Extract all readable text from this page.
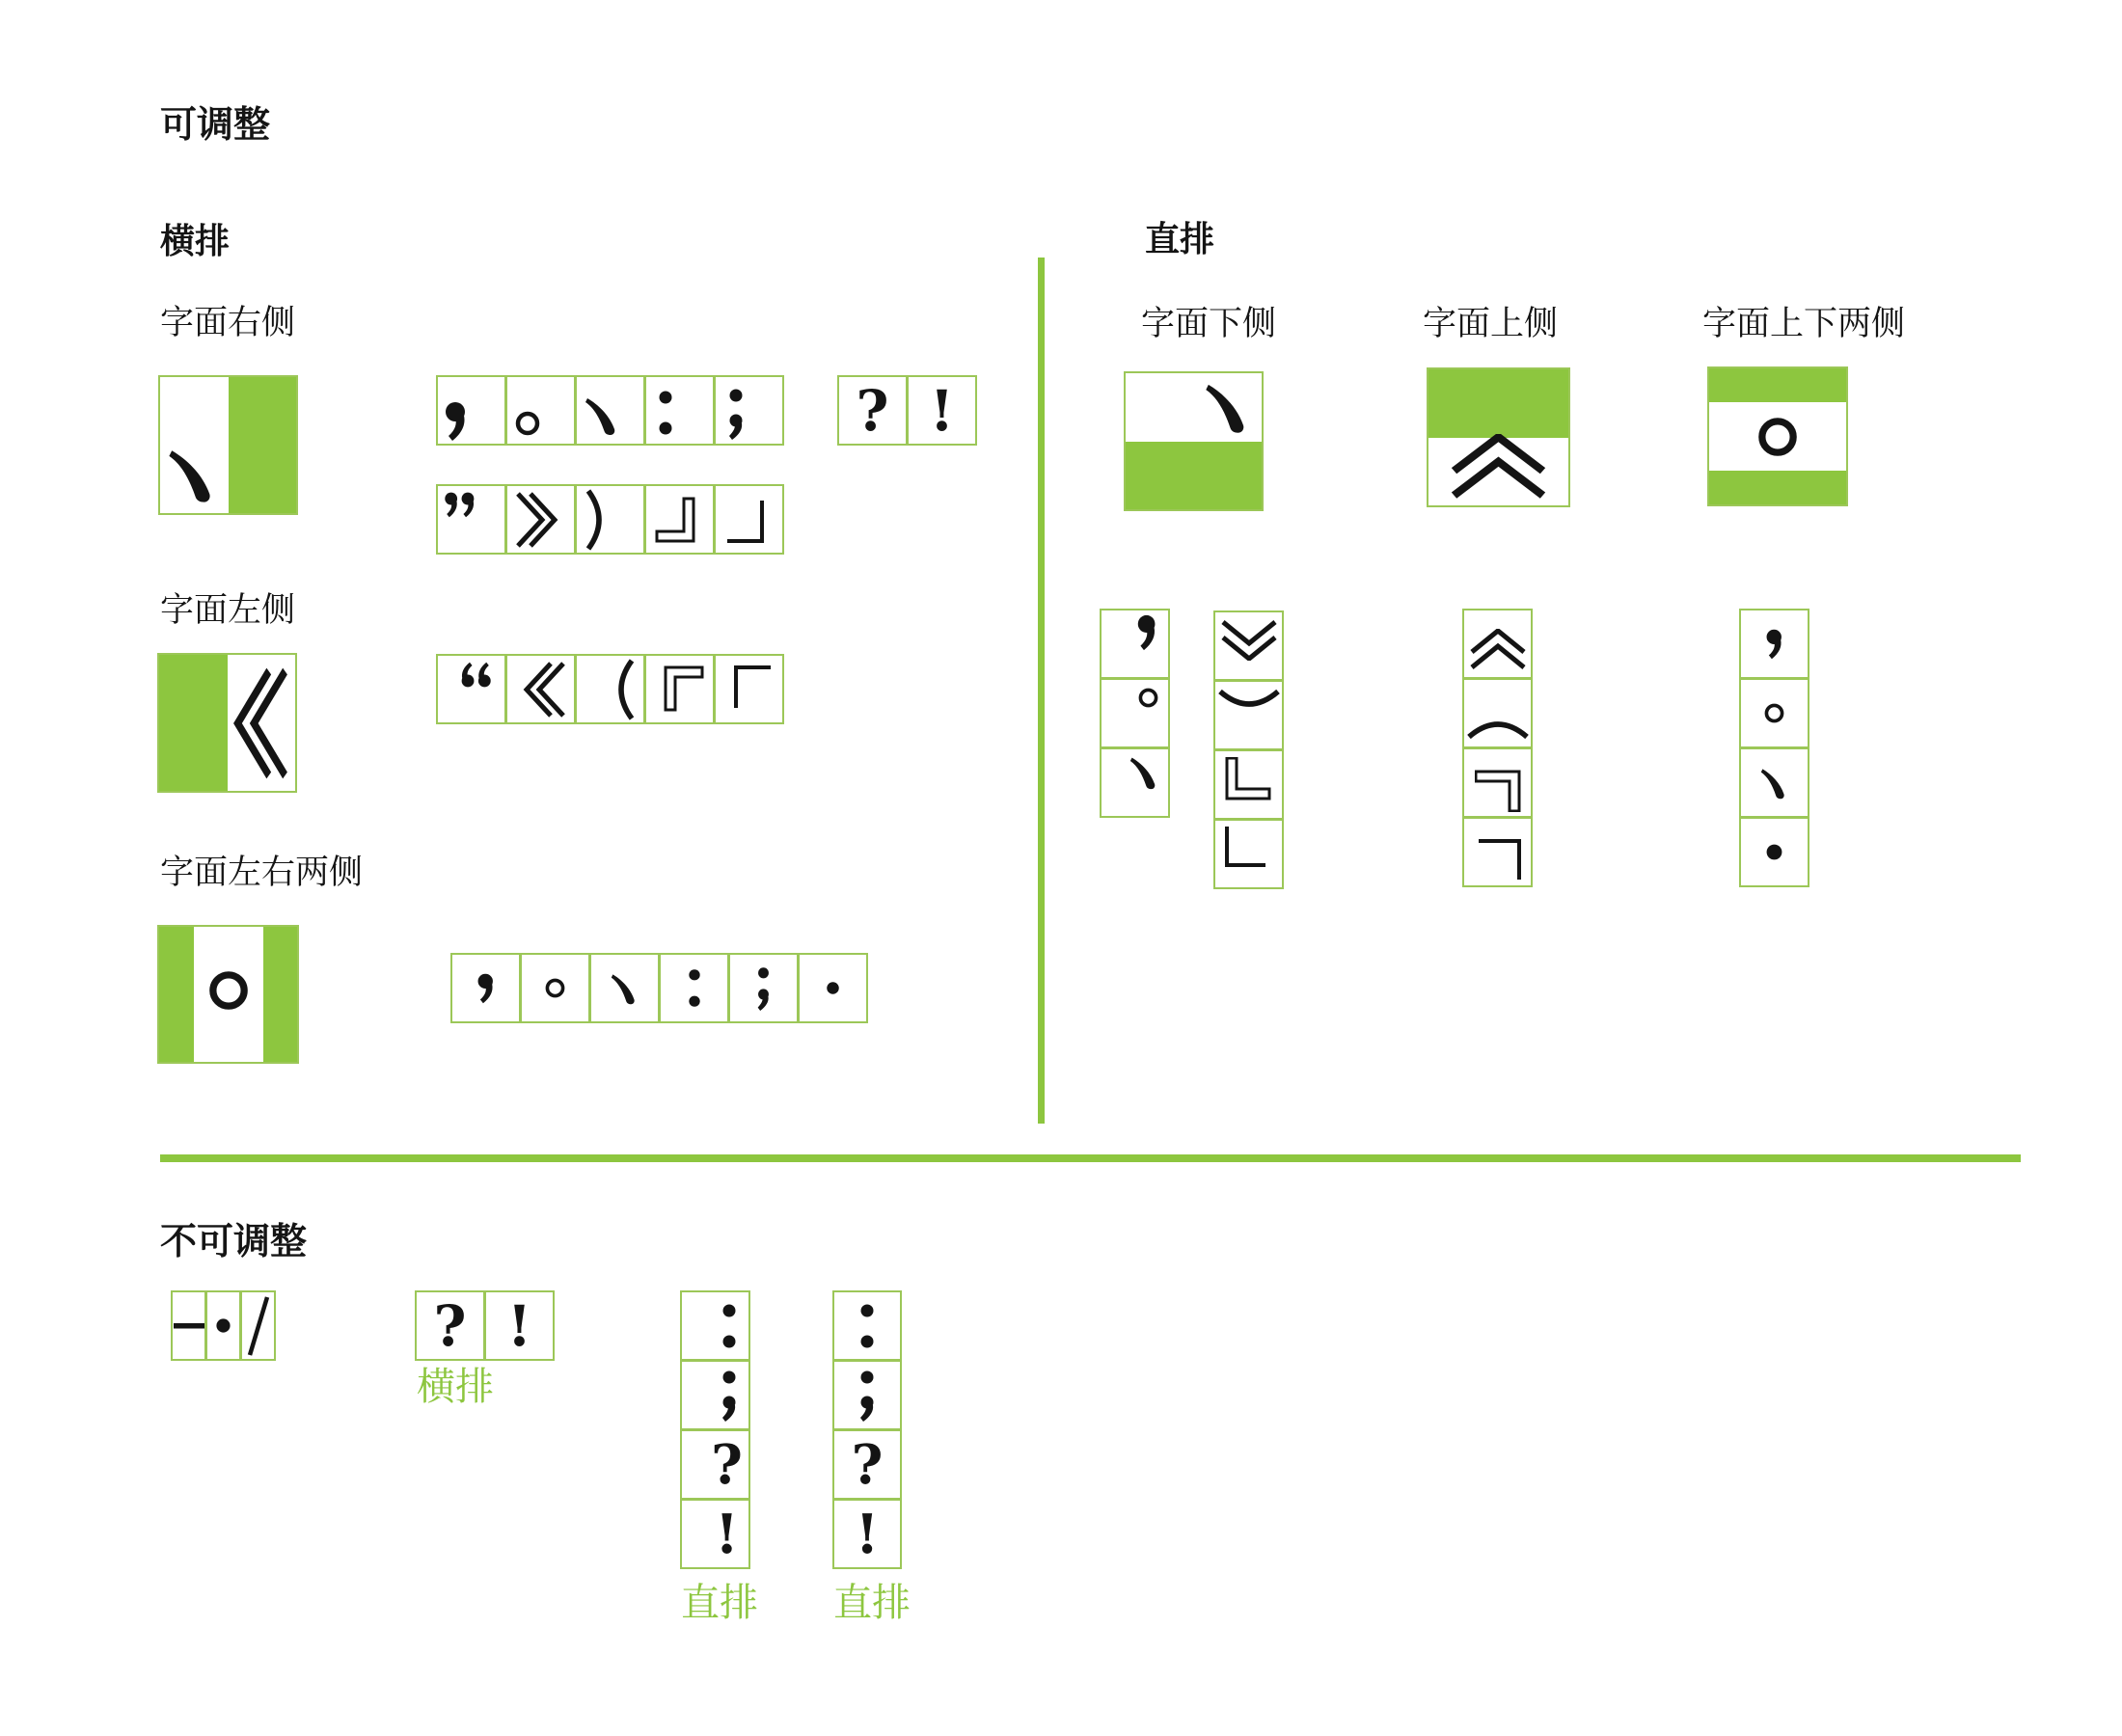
可调整
横排
字面右侧
字面左侧
字面左右两侧
直排
字面下侧	字面上侧	字面上下两侧
不可调整
横排
直排 直排
? !
? !
?
!
?
!
